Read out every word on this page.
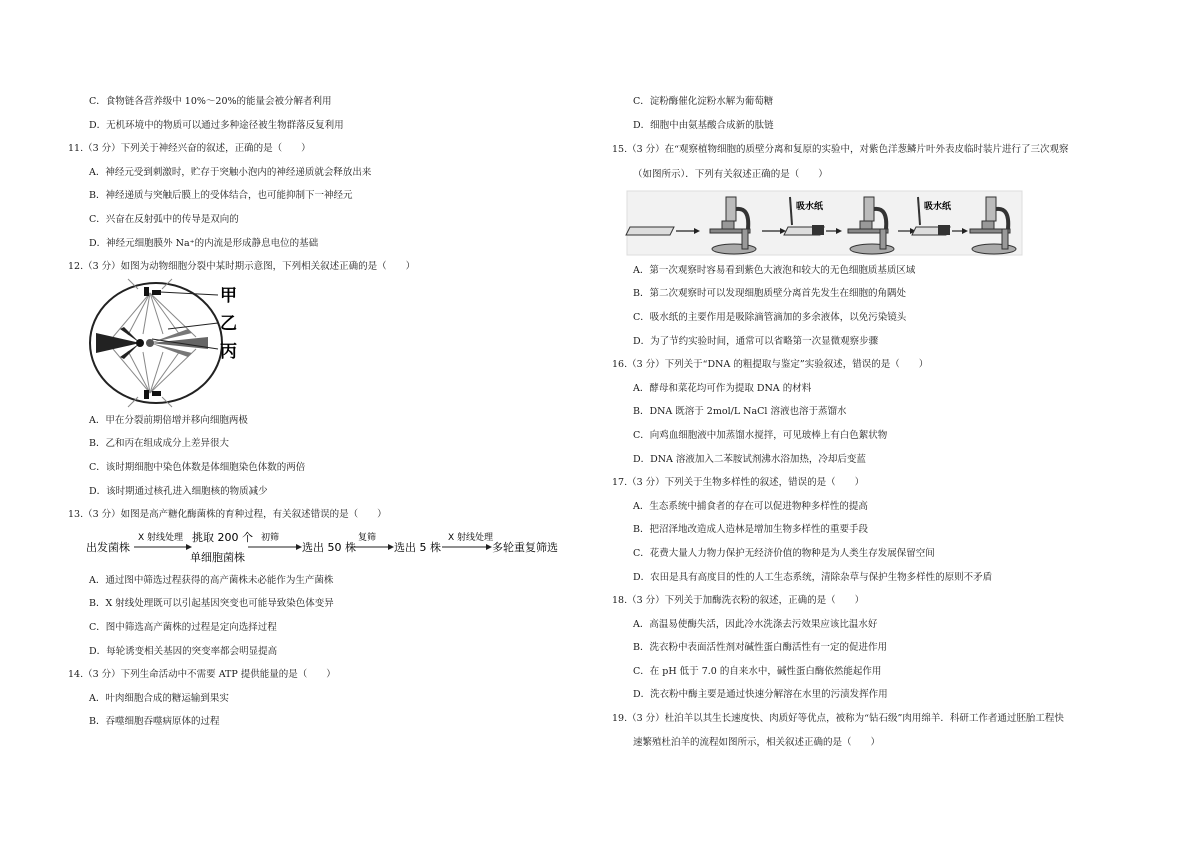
C．食物链各营养级中 10%～20%的能量会被分解者利用
D．无机环境中的物质可以通过多种途径被生物群落反复利用
11.（3 分）下列关于神经兴奋的叙述，正确的是（　　）
A．神经元受到刺激时，贮存于突触小泡内的神经递质就会释放出来
B．神经递质与突触后膜上的受体结合，也可能抑制下一神经元
C．兴奋在反射弧中的传导是双向的
D．神经元细胞膜外 Na⁺的内流是形成静息电位的基础
12.（3 分）如图为动物细胞分裂中某时期示意图，下列相关叙述正确的是（　　）
甲
乙
丙
A．甲在分裂前期倍增并移向细胞两极
B．乙和丙在组成成分上差异很大
C．该时期细胞中染色体数是体细胞染色体数的两倍
D．该时期通过核孔进入细胞核的物质减少
13.（3 分）如图是高产糖化酶菌株的育种过程，有关叙述错误的是（　　）
出发菌株
X 射线处理 挑取 200 个
单细胞菌株
初筛
选出 50 株
复筛
选出 5 株
X 射线处理
多轮重复筛选
A．通过图中筛选过程获得的高产菌株未必能作为生产菌株
B．X 射线处理既可以引起基因突变也可能导致染色体变异
C．图中筛选高产菌株的过程是定向选择过程
D．每轮诱变相关基因的突变率都会明显提高
14.（3 分）下列生命活动中不需要 ATP 提供能量的是（　　）
A．叶肉细胞合成的糖运输到果实
B．吞噬细胞吞噬病原体的过程
C．淀粉酶催化淀粉水解为葡萄糖
D．细胞中由氨基酸合成新的肽链
15.（3 分）在“观察植物细胞的质壁分离和复原的实验中，对紫色洋葱鳞片叶外表皮临时装片进行了三次观察
（如图所示）．下列有关叙述正确的是（　　）
吸水纸	吸水纸
A．第一次观察时容易看到紫色大液泡和较大的无色细胞质基质区域
B．第二次观察时可以发现细胞质壁分离首先发生在细胞的角隅处
C．吸水纸的主要作用是吸除滴管滴加的多余液体，以免污染镜头
D．为了节约实验时间，通常可以省略第一次显微观察步骤
16.（3 分）下列关于“DNA 的粗提取与鉴定”实验叙述，错误的是（　　）
A．酵母和菜花均可作为提取 DNA 的材料
B．DNA 既溶于 2mol/L NaCl 溶液也溶于蒸馏水
C．向鸡血细胞液中加蒸馏水搅拌，可见玻棒上有白色絮状物
D．DNA 溶液加入二苯胺试剂沸水浴加热，冷却后变蓝
17.（3 分）下列关于生物多样性的叙述，错误的是（　　）
A．生态系统中捕食者的存在可以促进物种多样性的提高
B．把沼泽地改造成人造林是增加生物多样性的重要手段
C．花费大量人力物力保护无经济价值的物种是为人类生存发展保留空间
D．农田是具有高度目的性的人工生态系统，清除杂草与保护生物多样性的原则不矛盾
18.（3 分）下列关于加酶洗衣粉的叙述，正确的是（　　）
A．高温易使酶失活，因此冷水洗涤去污效果应该比温水好
B．洗衣粉中表面活性剂对碱性蛋白酶活性有一定的促进作用
C．在 pH 低于 7.0 的自来水中，碱性蛋白酶依然能起作用
D．洗衣粉中酶主要是通过快速分解溶在水里的污渍发挥作用
19.（3 分）杜泊羊以其生长速度快、肉质好等优点，被称为“钻石级”肉用绵羊．科研工作者通过胚胎工程快
速繁殖杜泊羊的流程如图所示，相关叙述正确的是（　　）
